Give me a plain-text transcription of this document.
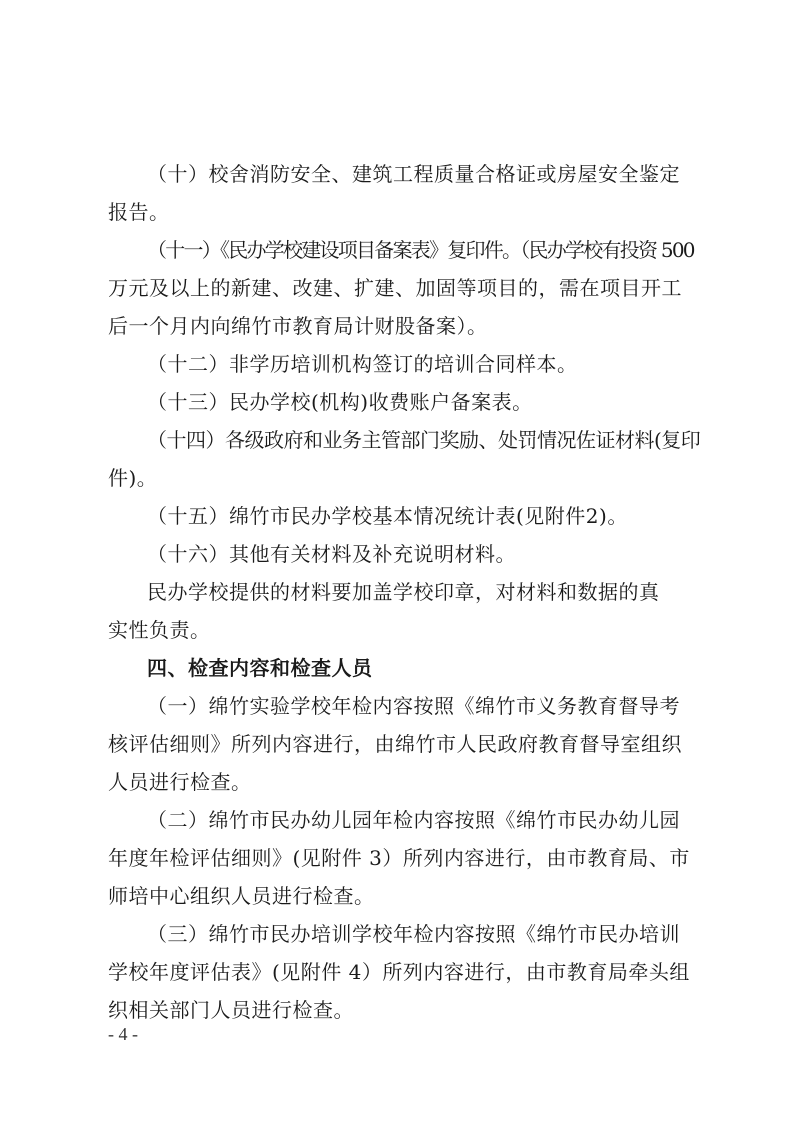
（十）校舍消防安全、建筑工程质量合格证或房屋安全鉴定
报告。
（十一）《民办学校建设项目备案表》复印件。（民办学校有投资 500
万元及以上的新建、改建、扩建、加固等项目的，需在项目开工
后一个月内向绵竹市教育局计财股备案）。
（十二）非学历培训机构签订的培训合同样本。
（十三）民办学校(机构)收费账户备案表。
（十四）各级政府和业务主管部门奖励、处罚情况佐证材料(复印
件)。
（十五）绵竹市民办学校基本情况统计表(见附件2)。
（十六）其他有关材料及补充说明材料。
民办学校提供的材料要加盖学校印章，对材料和数据的真
实性负责。
四、检查内容和检查人员
（一）绵竹实验学校年检内容按照《绵竹市义务教育督导考
核评估细则》所列内容进行，由绵竹市人民政府教育督导室组织
人员进行检查。
（二）绵竹市民办幼儿园年检内容按照《绵竹市民办幼儿园
年度年检评估细则》(见附件 3）所列内容进行，由市教育局、市
师培中心组织人员进行检查。
（三）绵竹市民办培训学校年检内容按照《绵竹市民办培训
学校年度评估表》(见附件 4）所列内容进行，由市教育局牵头组
织相关部门人员进行检查。
- 4 -
